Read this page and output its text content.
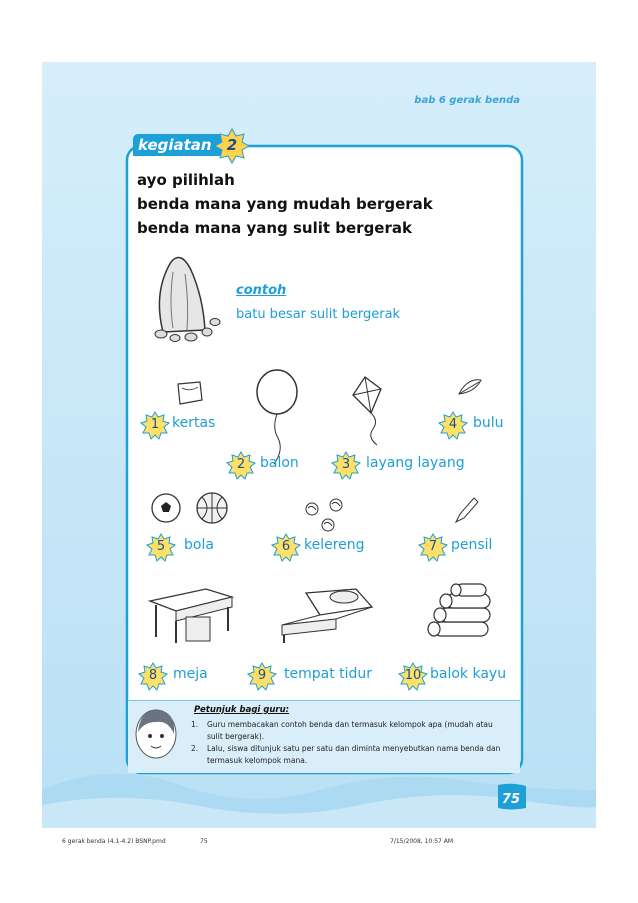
bab 6 gerak benda
kegiatan	2
ayo pilihlah
benda mana yang mudah bergerak
benda mana yang sulit bergerak
contoh
batu besar sulit bergerak
1 kertas
2	balon	3	layang layang
4	bulu
5	bola	6 kelereng	7 pensil
8	meja	9	tempat tidur	10 balok kayu
Petunjuk bagi guru:
1. Guru membacakan contoh benda dan termasuk kelompok apa (mudah atau
sulit bergerak).
2. Lalu, siswa ditunjuk satu per satu dan diminta menyebutkan nama benda dan
termasuk kelompok mana.
75
6 gerak benda (4.1-4.2) BSNP.pmd	75	7/15/2008, 10:57 AM
